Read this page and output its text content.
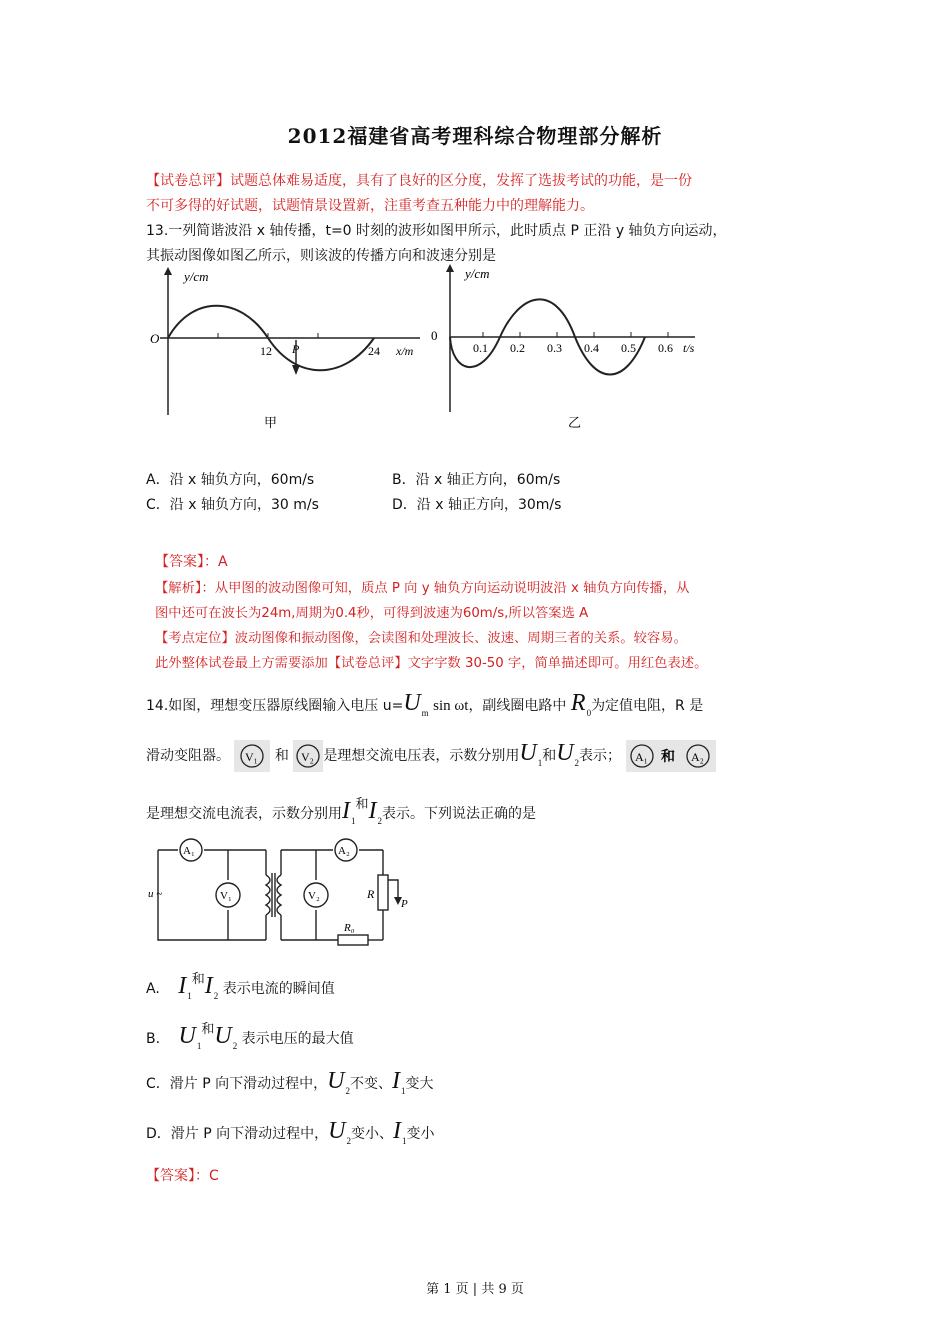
2012福建省高考理科综合物理部分解析
【试卷总评】试题总体难易适度，具有了良好的区分度，发挥了选拔考试的功能，是一份
不可多得的好试题，试题情景设置新，注重考查五种能力中的理解能力。
13.一列简谐波沿 x 轴传播，t=0 时刻的波形如图甲所示，此时质点 P 正沿 y 轴负方向运动，
其振动图像如图乙所示，则该波的传播方向和波速分别是
y/cm
O
12 P	24 x/m
甲
y/cm
0
0.1 0.2 0.3 0.4 0.5 0.6 t/s
乙
A．沿 x 轴负方向，60m/s	B．沿 x 轴正方向，60m/s
C．沿 x 轴负方向，30 m/s	D．沿 x 轴正方向，30m/s
【答案】：A
【解析】：从甲图的波动图像可知，质点 P 向 y 轴负方向运动说明波沿 x 轴负方向传播，从
图中还可在波长为24m,周期为0.4秒，可得到波速为60m/s,所以答案选 A
【考点定位】波动图像和振动图像，会读图和处理波长、波速、周期三者的关系。较容易。
此外整体试卷最上方需要添加【试卷总评】文字字数 30-50 字，简单描述即可。用红色表述。
14.如图，理想变压器原线圈输入电压 $u=U_m$ sin ωt，副线圈电路中 $R_0$为定值电阻，R 是
滑动变阻器。 V₁ 和 V₂ 是理想交流电压表，示数分别用$U_1$和$U_2$表示； A₁ 和 A₂
是理想交流电流表，示数分别用$I_1$和$I_2$表示。下列说法正确的是
A₁
V₁	V₂
A₂
u ~	R
P
R₀
A. $I_1$和$I_2$ 表示电流的瞬间值
B. $U_1$和$U_2$ 表示电压的最大值
C．滑片 P 向下滑动过程中，$U_2$不变、$I_1$变大
D．滑片 P 向下滑动过程中，$U_2$变小、$I_1$变小
【答案】：C
第 1 页 | 共 9 页
